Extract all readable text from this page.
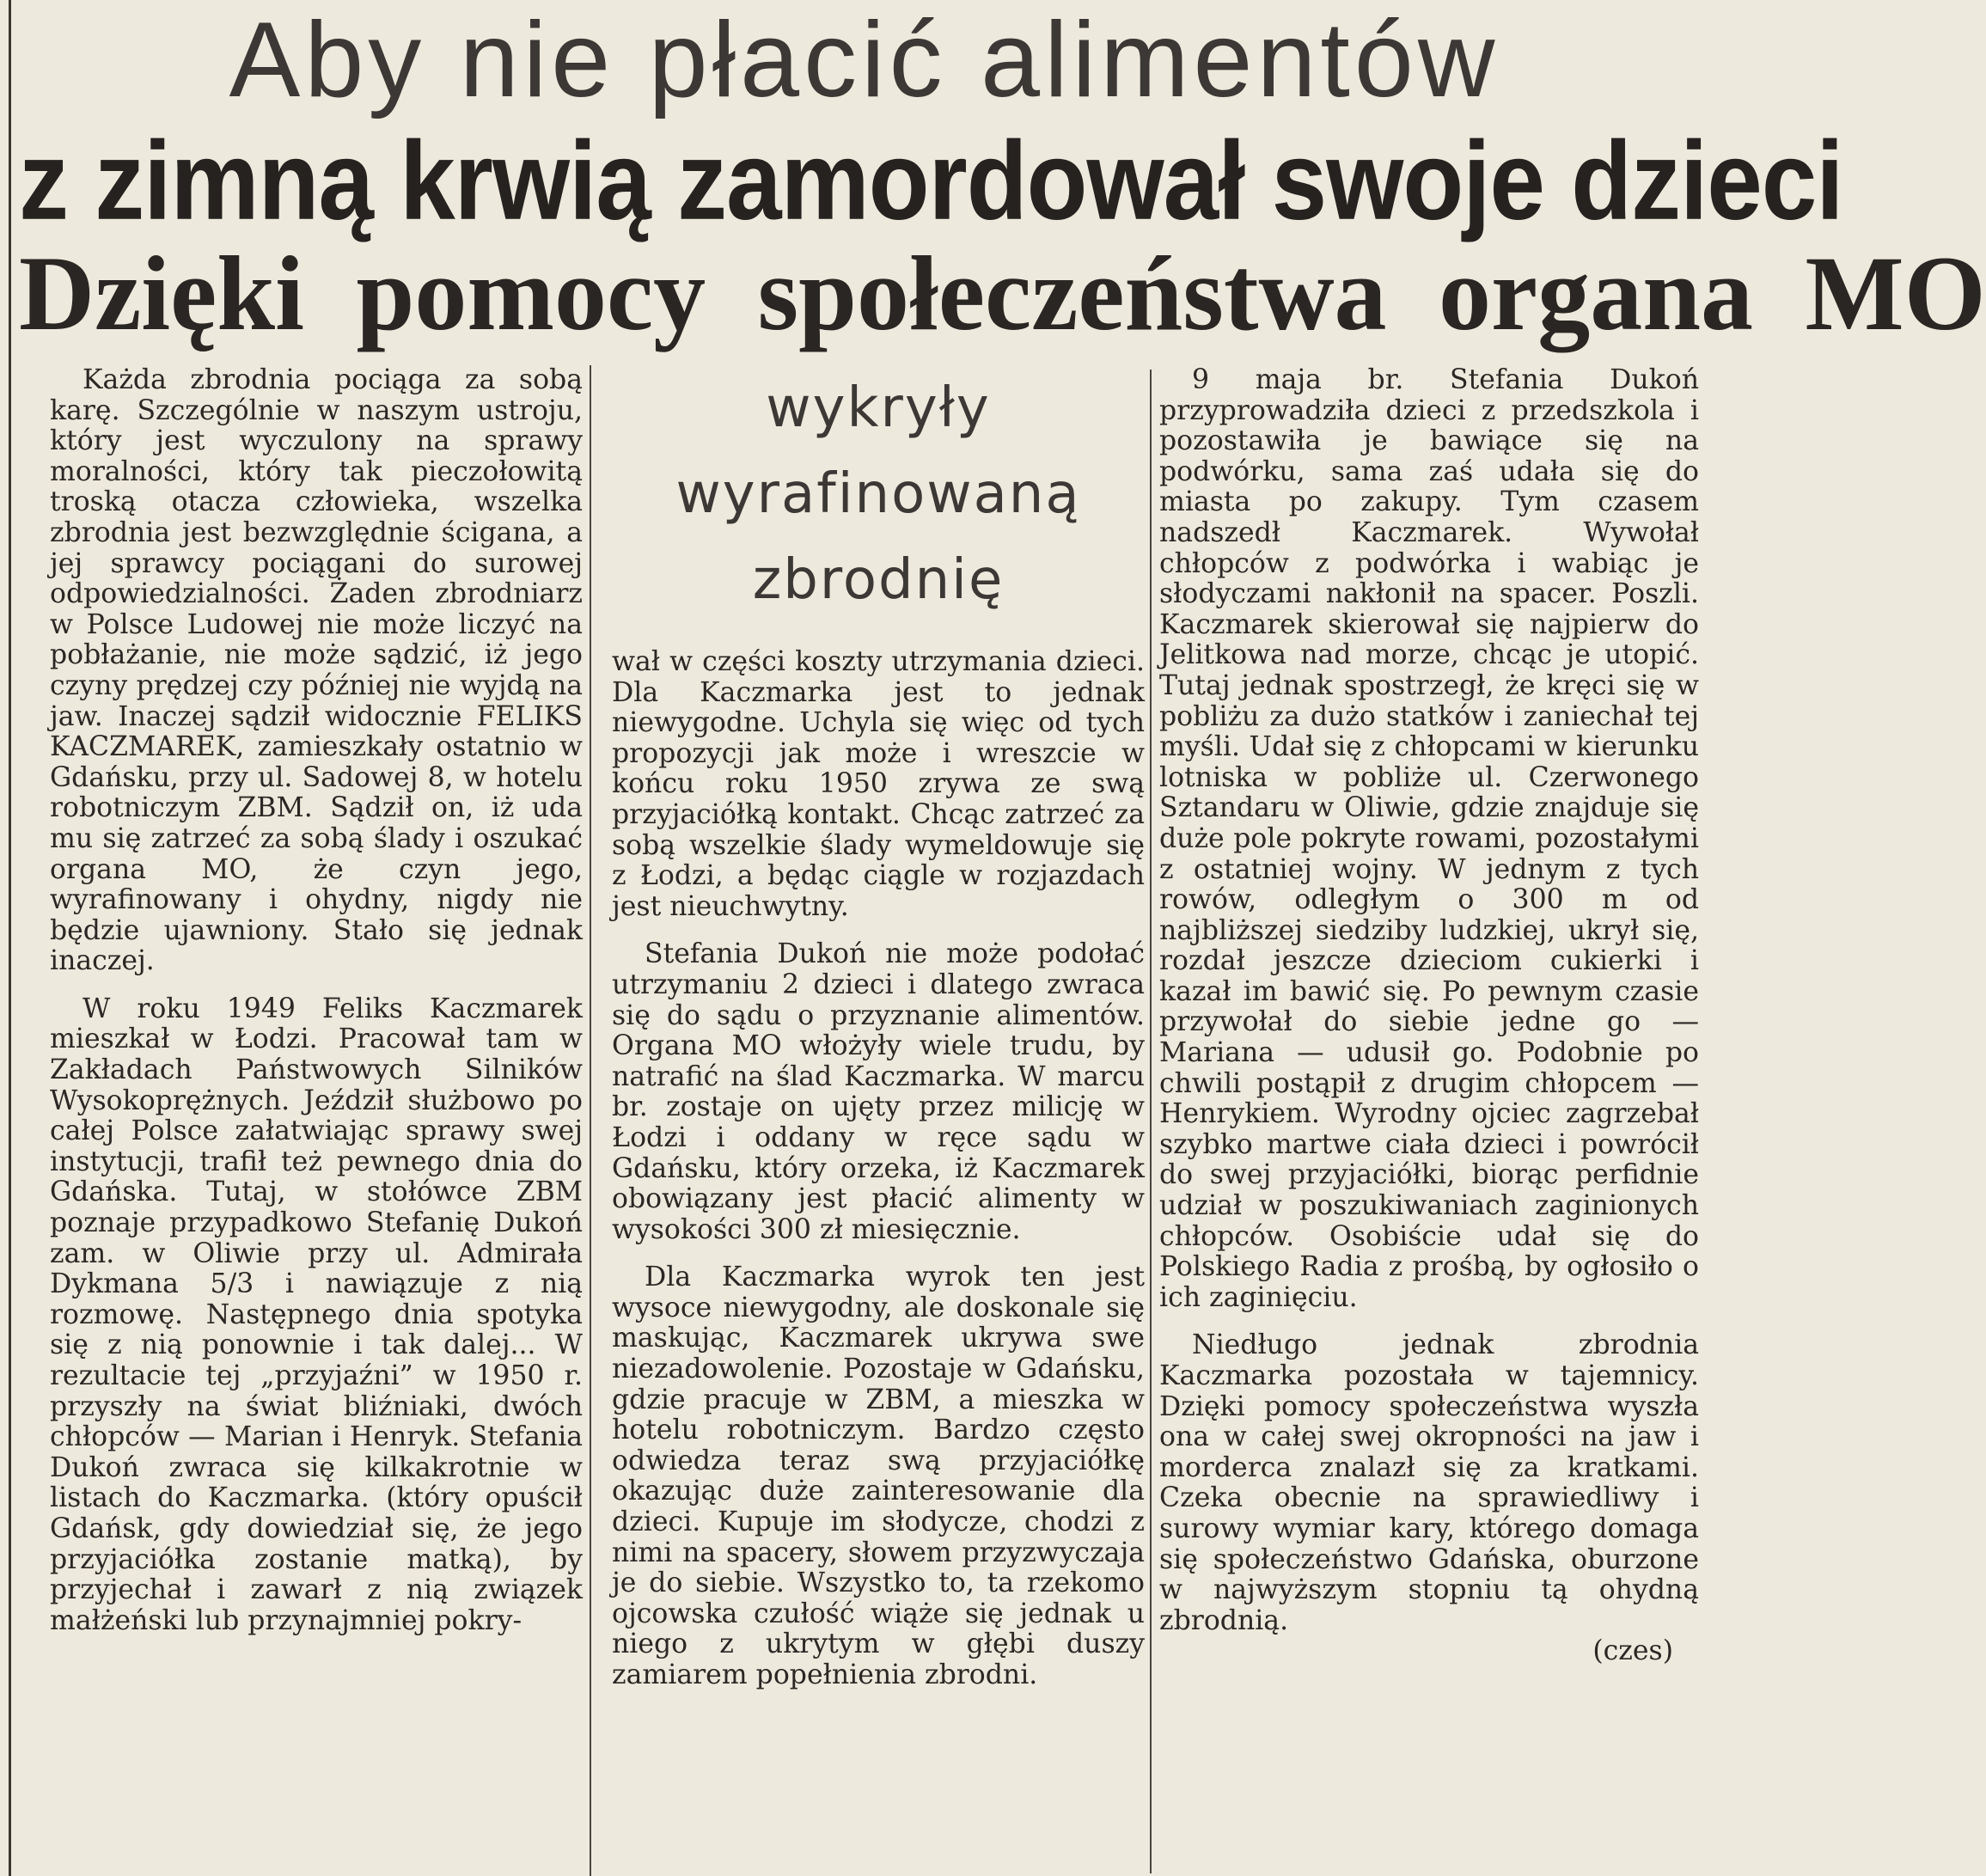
Aby nie płacić alimentów
z zimną krwią zamordował swoje dzieci
Dzięki pomocy społeczeństwa organa MO

Każda zbrodnia pociąga za sobą karę. Szczególnie w naszym ustroju, który jest wyczulony na sprawy moralności, który tak pieczołowitą troską otacza człowieka, wszelka zbrodnia jest bezwzględnie ścigana, a jej sprawcy pociągani do surowej odpowiedzialności. Żaden zbrodniarz w Polsce Ludowej nie może liczyć na pobłażanie, nie może sądzić, iż jego czyny prędzej czy później nie wyjdą na jaw. Inaczej sądził widocznie FELIKS KACZMAREK, zamieszkały ostatnio w Gdańsku, przy ul. Sadowej 8, w hotelu robotniczym ZBM. Sądził on, iż uda mu się zatrzeć za sobą ślady i oszukać organa MO, że czyn jego, wyrafinowany i ohydny, nigdy nie będzie ujawniony. Stało się jednak inaczej.

W roku 1949 Feliks Kaczmarek mieszkał w Łodzi. Pracował tam w Zakładach Państwowych Silników Wysokoprężnych. Jeździł służbowo po całej Polsce załatwiając sprawy swej instytucji, trafił też pewnego dnia do Gdańska. Tutaj, w stołówce ZBM poznaje przypadkowo Stefanię Dukoń zam. w Oliwie przy ul. Admirała Dykmana 5/3 i nawiązuje z nią rozmowę. Następnego dnia spotyka się z nią ponownie i tak dalej... W rezultacie tej „przyjaźni” w 1950 r. przyszły na świat bliźniaki, dwóch chłopców — Marian i Henryk. Stefania Dukoń zwraca się kilkakrotnie w listach do Kaczmarka. (który opuścił Gdańsk, gdy dowiedział się, że jego przyjaciółka zostanie matką), by przyjechał i zawarł z nią związek małżeński lub przynajmniej pokry-

wykryły
wyrafinowaną
zbrodnię

wał w części koszty utrzymania dzieci. Dla Kaczmarka jest to jednak niewygodne. Uchyla się więc od tych propozycji jak może i wreszcie w końcu roku 1950 zrywa ze swą przyjaciółką kontakt. Chcąc zatrzeć za sobą wszelkie ślady wymeldowuje się z Łodzi, a będąc ciągle w rozjazdach jest nieuchwytny.

Stefania Dukoń nie może podołać utrzymaniu 2 dzieci i dlatego zwraca się do sądu o przyznanie alimentów. Organa MO włożyły wiele trudu, by natrafić na ślad Kaczmarka. W marcu br. zostaje on ujęty przez milicję w Łodzi i oddany w ręce sądu w Gdańsku, który orzeka, iż Kaczmarek obowiązany jest płacić alimenty w wysokości 300 zł miesięcznie.

Dla Kaczmarka wyrok ten jest wysoce niewygodny, ale doskonale się maskując, Kaczmarek ukrywa swe niezadowolenie. Pozostaje w Gdańsku, gdzie pracuje w ZBM, a mieszka w hotelu robotniczym. Bardzo często odwiedza teraz swą przyjaciółkę okazując duże zainteresowanie dla dzieci. Kupuje im słodycze, chodzi z nimi na spacery, słowem przyzwyczaja je do siebie. Wszystko to, ta rzekomo ojcowska czułość wiąże się jednak u niego z ukrytym w głębi duszy zamiarem popełnienia zbrodni.

9 maja br. Stefania Dukoń przyprowadziła dzieci z przedszkola i pozostawiła je bawiące się na podwórku, sama zaś udała się do miasta po zakupy. Tym czasem nadszedł Kaczmarek. Wywołał chłopców z podwórka i wabiąc je słodyczami nakłonił na spacer. Poszli. Kaczmarek skierował się najpierw do Jelitkowa nad morze, chcąc je utopić. Tutaj jednak spostrzegł, że kręci się w pobliżu za dużo statków i zaniechał tej myśli. Udał się z chłopcami w kierunku lotniska w pobliże ul. Czerwonego Sztandaru w Oliwie, gdzie znajduje się duże pole pokryte rowami, pozostałymi z ostatniej wojny. W jednym z tych rowów, odległym o 300 m od najbliższej siedziby ludzkiej, ukrył się, rozdał jeszcze dzieciom cukierki i kazał im bawić się. Po pewnym czasie przywołał do siebie jedne go — Mariana — udusił go. Podobnie po chwili postąpił z drugim chłopcem — Henrykiem. Wyrodny ojciec zagrzebał szybko martwe ciała dzieci i powrócił do swej przyjaciółki, biorąc perfidnie udział w poszukiwaniach zaginionych chłopców. Osobiście udał się do Polskiego Radia z prośbą, by ogłosiło o ich zaginięciu.

Niedługo jednak zbrodnia Kaczmarka pozostała w tajemnicy. Dzięki pomocy społeczeństwa wyszła ona w całej swej okropności na jaw i morderca znalazł się za kratkami. Czeka obecnie na sprawiedliwy i surowy wymiar kary, którego domaga się społeczeństwo Gdańska, oburzone w najwyższym stopniu tą ohydną zbrodnią.

(czes)
